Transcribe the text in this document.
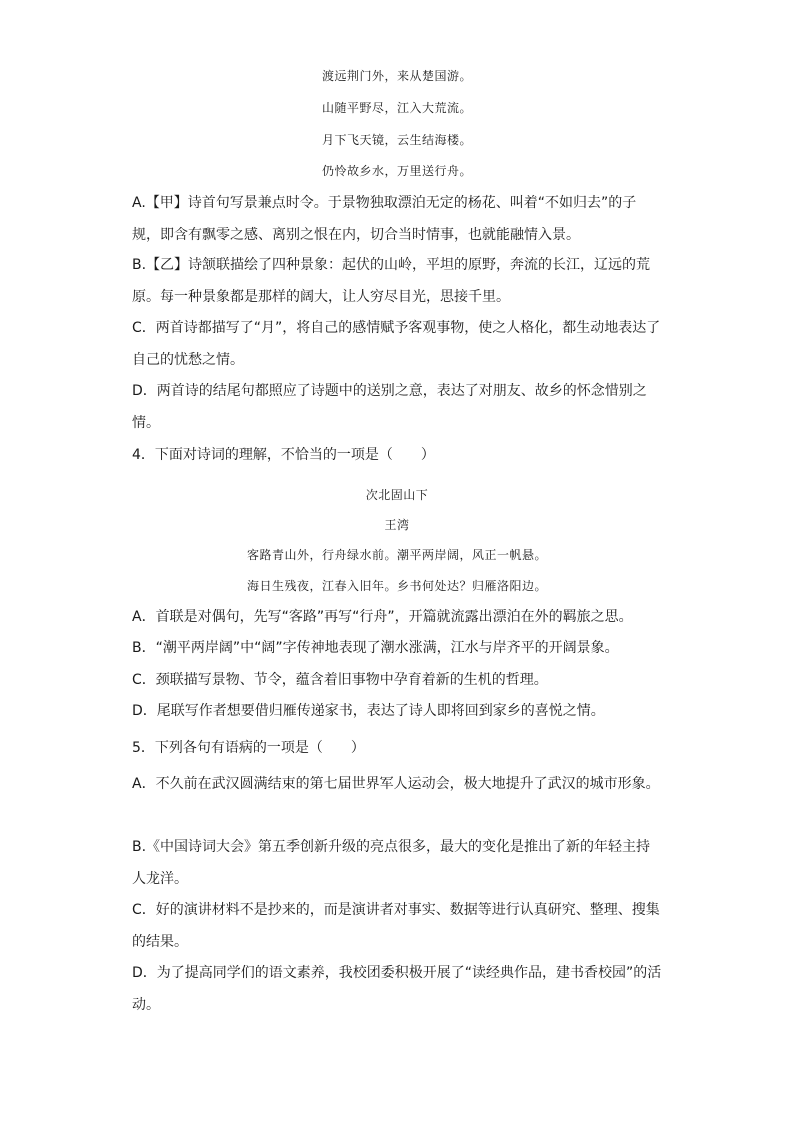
渡远荆门外，来从楚国游。
山随平野尽，江入大荒流。
月下飞天镜，云生结海楼。
仍怜故乡水，万里送行舟。
A.【甲】诗首句写景兼点时令。于景物独取漂泊无定的杨花、叫着“不如归去”的子规，即含有飘零之感、离别之恨在内，切合当时情事，也就能融情入景。
B.【乙】诗颔联描绘了四种景象：起伏的山岭，平坦的原野，奔流的长江，辽远的荒原。每一种景象都是那样的阔大，让人穷尽目光，思接千里。
C．两首诗都描写了“月”，将自己的感情赋予客观事物，使之人格化，都生动地表达了自己的忧愁之情。
D．两首诗的结尾句都照应了诗题中的送别之意，表达了对朋友、故乡的怀念惜别之情。
4．下面对诗词的理解，不恰当的一项是（　　）
次北固山下
王湾
客路青山外，行舟绿水前。潮平两岸阔，风正一帆悬。
海日生残夜，江春入旧年。乡书何处达？归雁洛阳边。
A．首联是对偶句，先写“客路”再写“行舟”，开篇就流露出漂泊在外的羁旅之思。
B．“潮平两岸阔”中“阔”字传神地表现了潮水涨满，江水与岸齐平的开阔景象。
C．颈联描写景物、节令，蕴含着旧事物中孕育着新的生机的哲理。
D．尾联写作者想要借归雁传递家书，表达了诗人即将回到家乡的喜悦之情。
5．下列各句有语病的一项是（　　）
A．不久前在武汉圆满结束的第七届世界军人运动会，极大地提升了武汉的城市形象。
B.《中国诗词大会》第五季创新升级的亮点很多，最大的变化是推出了新的年轻主持人龙洋。
C．好的演讲材料不是抄来的，而是演讲者对事实、数据等进行认真研究、整理、搜集的结果。
D．为了提高同学们的语文素养，我校团委积极开展了“读经典作品，建书香校园”的活动。
